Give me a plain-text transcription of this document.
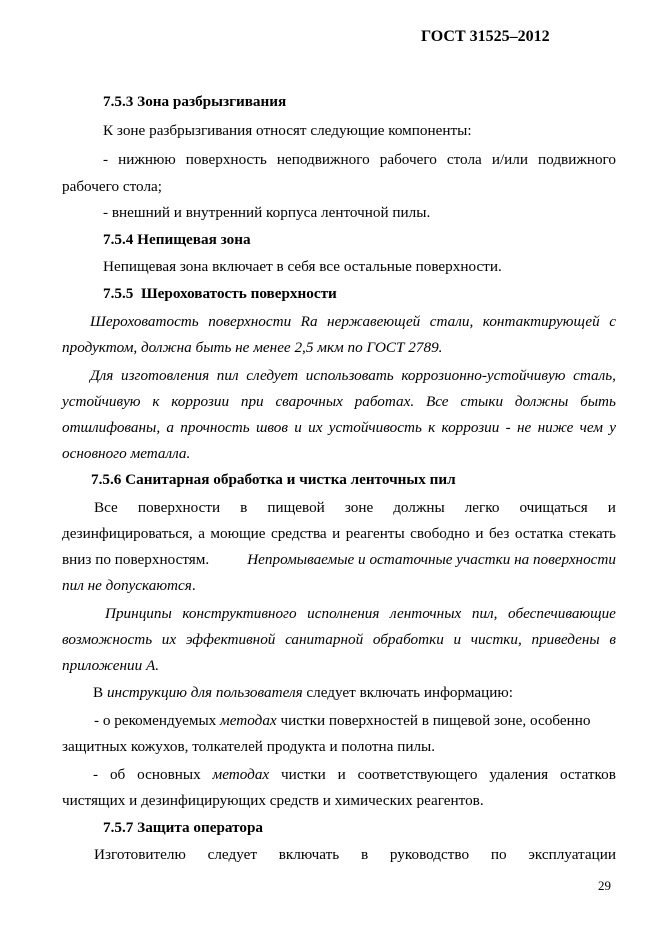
ГОСТ 31525–2012
7.5.3 Зона разбрызгивания
К зоне разбрызгивания относят следующие компоненты:
- нижнюю поверхность неподвижного рабочего стола и/или подвижного
рабочего стола;
- внешний и внутренний корпуса ленточной пилы.
7.5.4 Непищевая зона
Непищевая зона включает в себя все остальные поверхности.
7.5.5  Шероховатость поверхности
Шероховатость поверхности Ra нержавеющей стали, контактирующей с
продуктом, должна быть не менее 2,5 мкм по ГОСТ 2789.
Для изготовления пил следует использовать коррозионно-устойчивую сталь,
устойчивую к коррозии при сварочных работах. Все стыки должны быть
отшлифованы, а прочность швов и их устойчивость к коррозии - не ниже чем у
основного металла.
7.5.6 Санитарная обработка и чистка ленточных пил
Все поверхности в пищевой зоне должны легко очищаться и
дезинфицироваться, а моющие средства и реагенты свободно и без остатка стекать
вниз по поверхностям.	Непромываемые и остаточные участки на поверхности
пил не допускаются.
Принципы конструктивного исполнения ленточных пил, обеспечивающие
возможность их эффективной санитарной обработки и чистки, приведены в
приложении А.
В инструкцию для пользователя следует включать информацию:
- о рекомендуемых методах чистки поверхностей в пищевой зоне, особенно
защитных кожухов, толкателей продукта и полотна пилы.
- об основных методах чистки и соответствующего удаления остатков
чистящих и дезинфицирующих средств и химических реагентов.
7.5.7 Защита оператора
Изготовителю следует включать в руководство по эксплуатации
29
